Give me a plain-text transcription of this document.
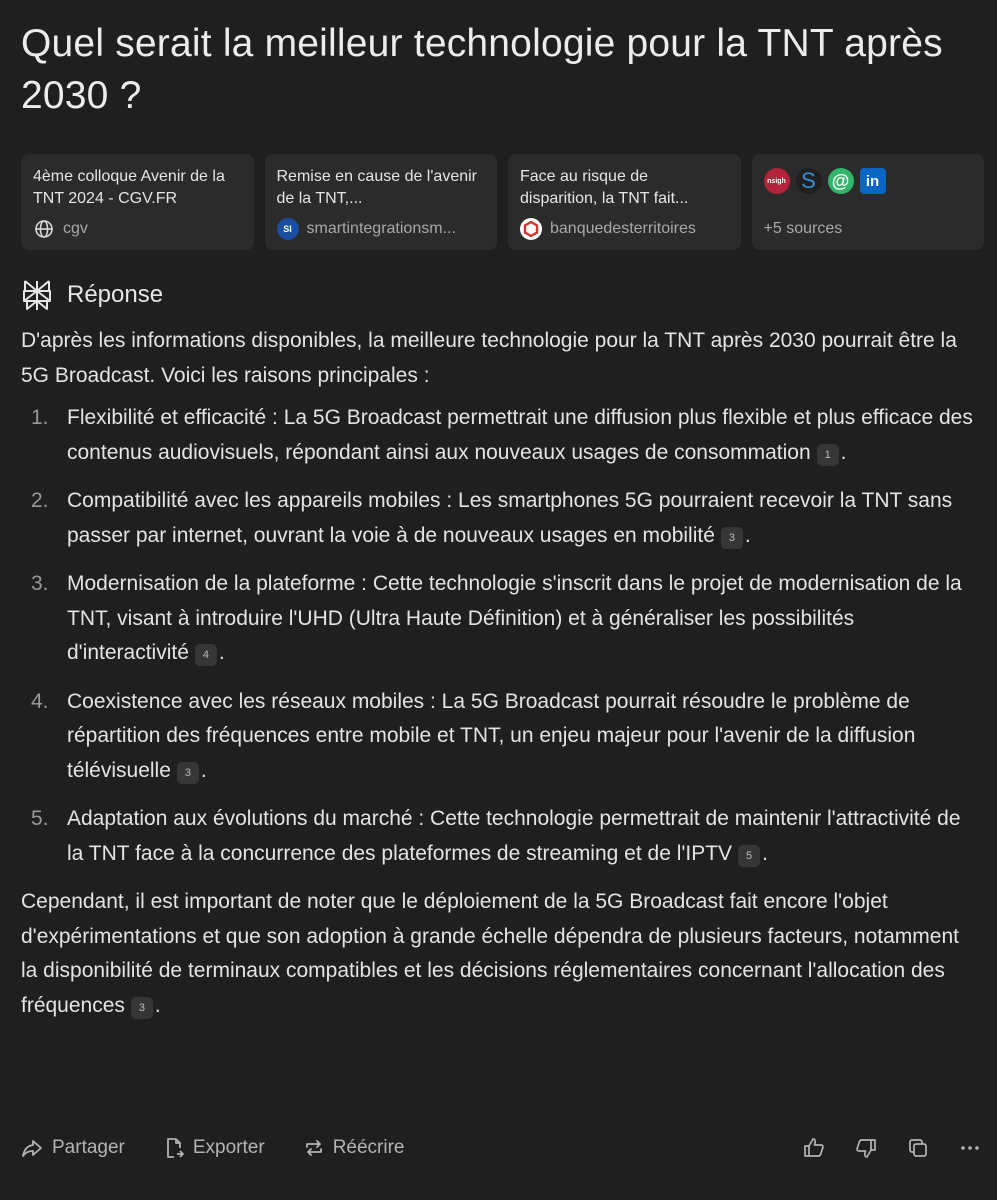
Quel serait la meilleur technologie pour la TNT après 2030 ?
4ème colloque Avenir de la TNT 2024 - CGV.FR
cgv
Remise en cause de l'avenir de la TNT,...
SI smartintegrationsm...
Face au risque de disparition, la TNT fait...
banquedesterritoires
nsigh S @	in
+5 sources
Réponse

D'après les informations disponibles, la meilleure technologie pour la TNT après 2030 pourrait être la 5G Broadcast. Voici les raisons principales :

1. Flexibilité et efficacité : La 5G Broadcast permettrait une diffusion plus flexible et plus efficace des contenus audiovisuels, répondant ainsi aux nouveaux usages de consommation 1 .
2. Compatibilité avec les appareils mobiles : Les smartphones 5G pourraient recevoir la TNT sans passer par internet, ouvrant la voie à de nouveaux usages en mobilité 3 .
3. Modernisation de la plateforme : Cette technologie s'inscrit dans le projet de modernisation de la TNT, visant à introduire l'UHD (Ultra Haute Définition) et à généraliser les possibilités d'interactivité 4 .
4. Coexistence avec les réseaux mobiles : La 5G Broadcast pourrait résoudre le problème de répartition des fréquences entre mobile et TNT, un enjeu majeur pour l'avenir de la diffusion télévisuelle 3 .
5. Adaptation aux évolutions du marché : Cette technologie permettrait de maintenir l'attractivité de la TNT face à la concurrence des plateformes de streaming et de l'IPTV 5 .

Cependant, il est important de noter que le déploiement de la 5G Broadcast fait encore l'objet d'expérimentations et que son adoption à grande échelle dépendra de plusieurs facteurs, notamment la disponibilité de terminaux compatibles et les décisions réglementaires concernant l'allocation des fréquences 3 .

Partager	Exporter	Réécrire
